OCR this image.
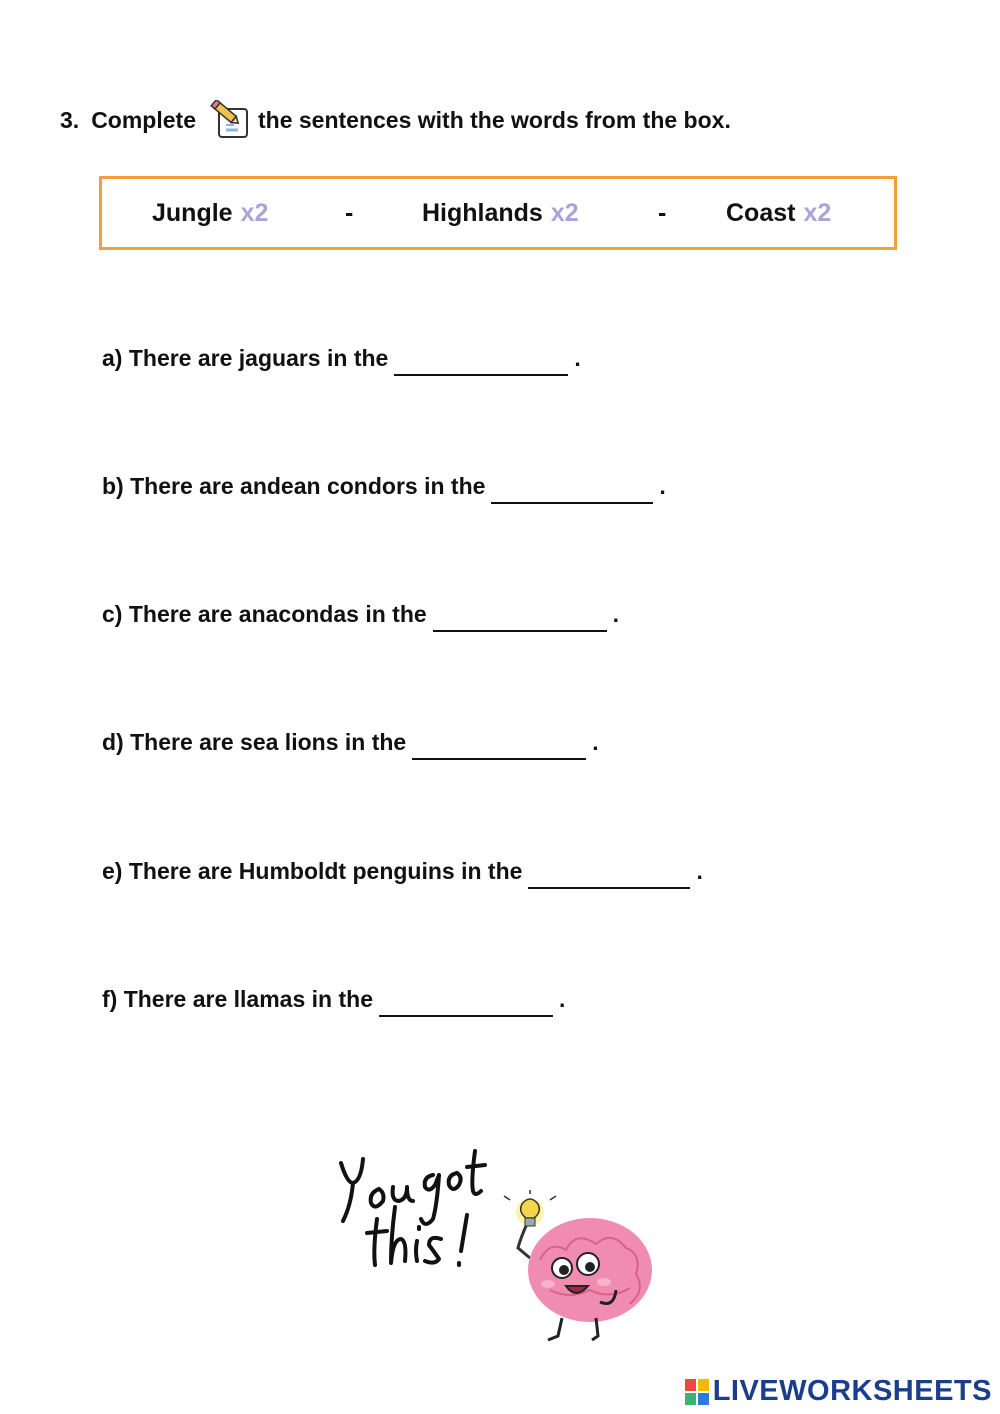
3. Complete	the sentences with the words from the box.
Jungle x2	-	Highlands x2	- Coast x2
a) There are jaguars in the	.
b) There are andean condors in the	.
c) There are anacondas in the	.
d) There are sea lions in the	.
e) There are Humboldt penguins in the	.
f) There are llamas in the	.
LIVEWORKSHEETS
